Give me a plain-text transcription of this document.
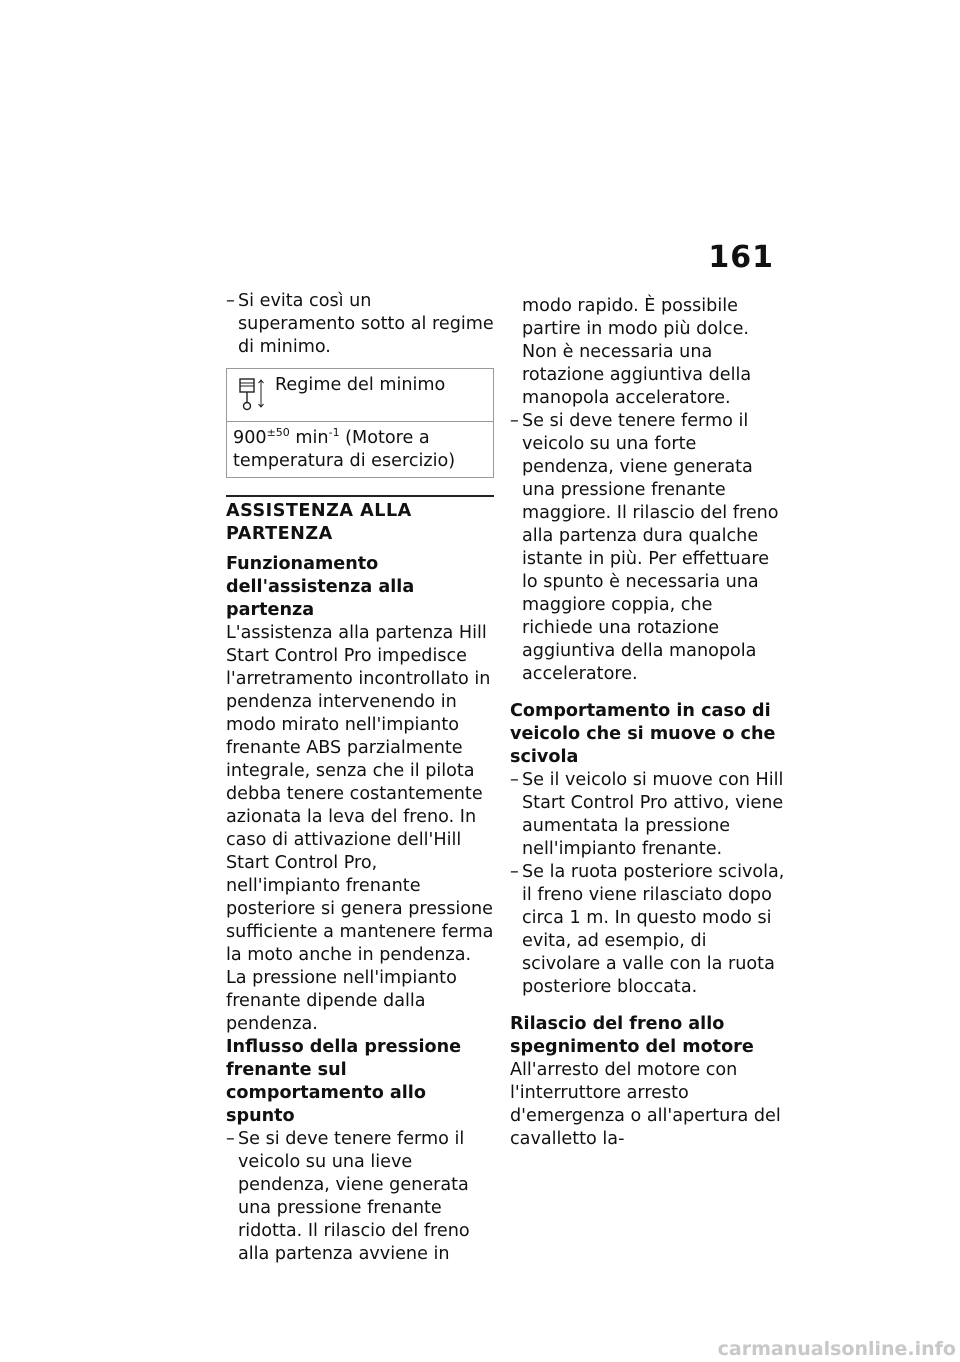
161
– Si evita così un superamento sotto al regime di minimo.
Regime del minimo
$900^{\pm 50}$ $\min^{-1}$ (Motore a temperatura di esercizio)
ASSISTENZA ALLA PARTENZA
Funzionamento dell'assistenza alla partenza
L'assistenza alla partenza Hill Start Control Pro impedisce l'arretramento incontrollato in pendenza intervenendo in modo mirato nell'impianto frenante ABS parzialmente integrale, senza che il pilota debba tenere costantemente azionata la leva del freno. In caso di attivazione dell'Hill Start Control Pro, nell'impianto frenante posteriore si genera pressione sufficiente a mantenere ferma la moto anche in pendenza.
La pressione nell'impianto frenante dipende dalla pendenza.
Influsso della pressione frenante sul comportamento allo spunto
– Se si deve tenere fermo il veicolo su una lieve pendenza, viene generata una pressione frenante ridotta. Il rilascio del freno alla partenza avviene in
modo rapido. È possibile partire in modo più dolce. Non è necessaria una rotazione aggiuntiva della manopola acceleratore.
– Se si deve tenere fermo il veicolo su una forte pendenza, viene generata una pressione frenante maggiore. Il rilascio del freno alla partenza dura qualche istante in più. Per effettuare lo spunto è necessaria una maggiore coppia, che richiede una rotazione aggiuntiva della manopola acceleratore.
Comportamento in caso di veicolo che si muove o che scivola
– Se il veicolo si muove con Hill Start Control Pro attivo, viene aumentata la pressione nell'impianto frenante.
– Se la ruota posteriore scivola, il freno viene rilasciato dopo circa 1 m. In questo modo si evita, ad esempio, di scivolare a valle con la ruota posteriore bloccata.
Rilascio del freno allo spegnimento del motore
All'arresto del motore con l'interruttore arresto d'emergenza o all'apertura del cavalletto la-
carmanualsonline.info
